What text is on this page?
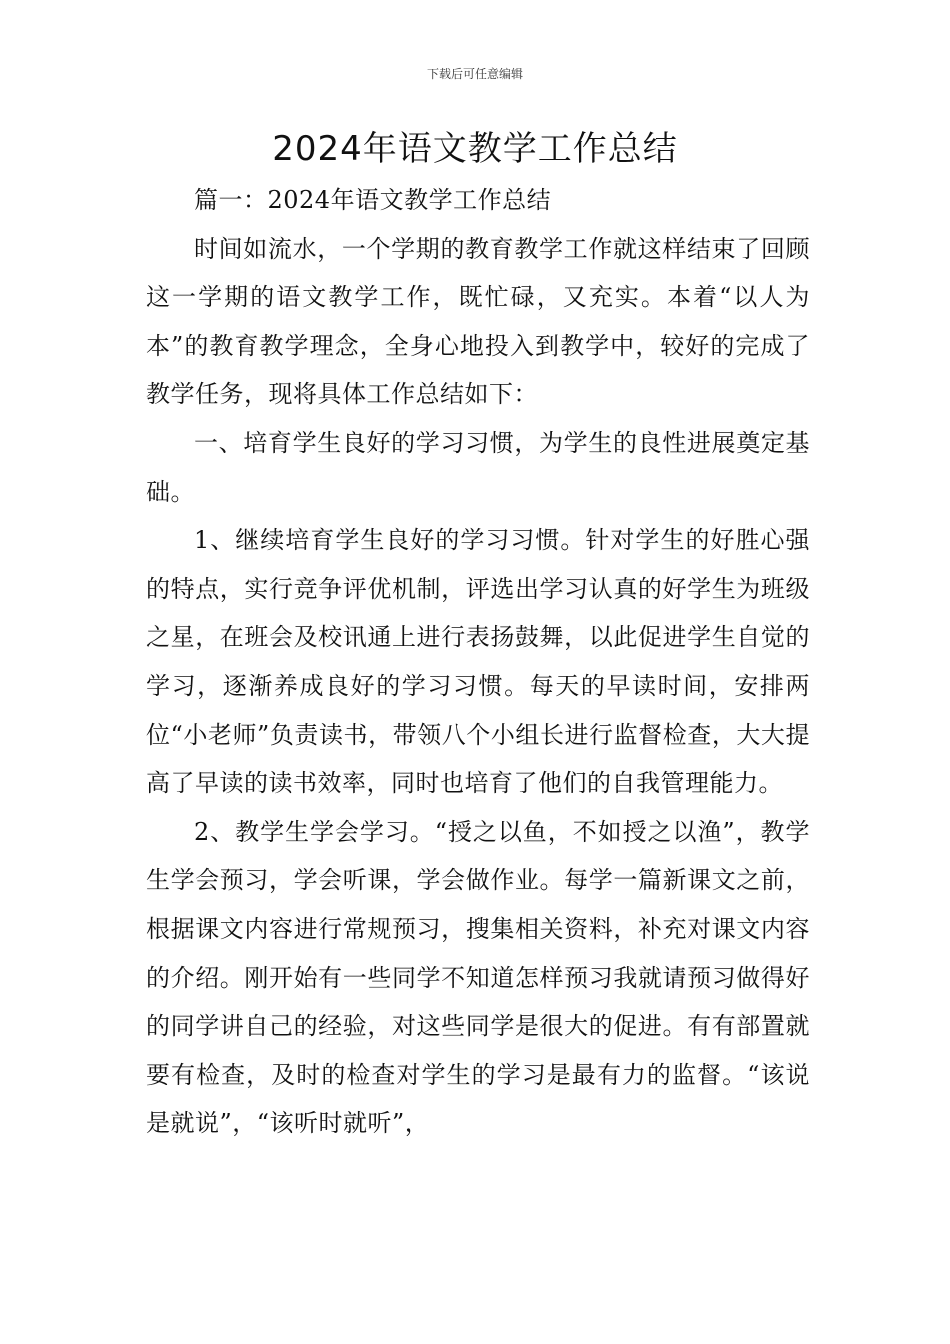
下载后可任意编辑
2024年语文教学工作总结

篇一：2024年语文教学工作总结

时间如流水，一个学期的教育教学工作就这样结束了回顾这一学期的语文教学工作，既忙碌，又充实。本着“以人为本”的教育教学理念，全身心地投入到教学中，较好的完成了教学任务，现将具体工作总结如下：

一、培育学生良好的学习习惯，为学生的良性进展奠定基础。

1、继续培育学生良好的学习习惯。针对学生的好胜心强的特点，实行竞争评优机制，评选出学习认真的好学生为班级之星，在班会及校讯通上进行表扬鼓舞，以此促进学生自觉的学习，逐渐养成良好的学习习惯。每天的早读时间，安排两位“小老师”负责读书，带领八个小组长进行监督检查，大大提高了早读的读书效率，同时也培育了他们的自我管理能力。

2、教学生学会学习。“授之以鱼，不如授之以渔”，教学生学会预习，学会听课，学会做作业。每学一篇新课文之前，根据课文内容进行常规预习，搜集相关资料，补充对课文内容的介绍。刚开始有一些同学不知道怎样预习我就请预习做得好的同学讲自己的经验，对这些同学是很大的促进。有有部置就要有检查，及时的检查对学生的学习是最有力的监督。“该说是就说”，“该听时就听”，
